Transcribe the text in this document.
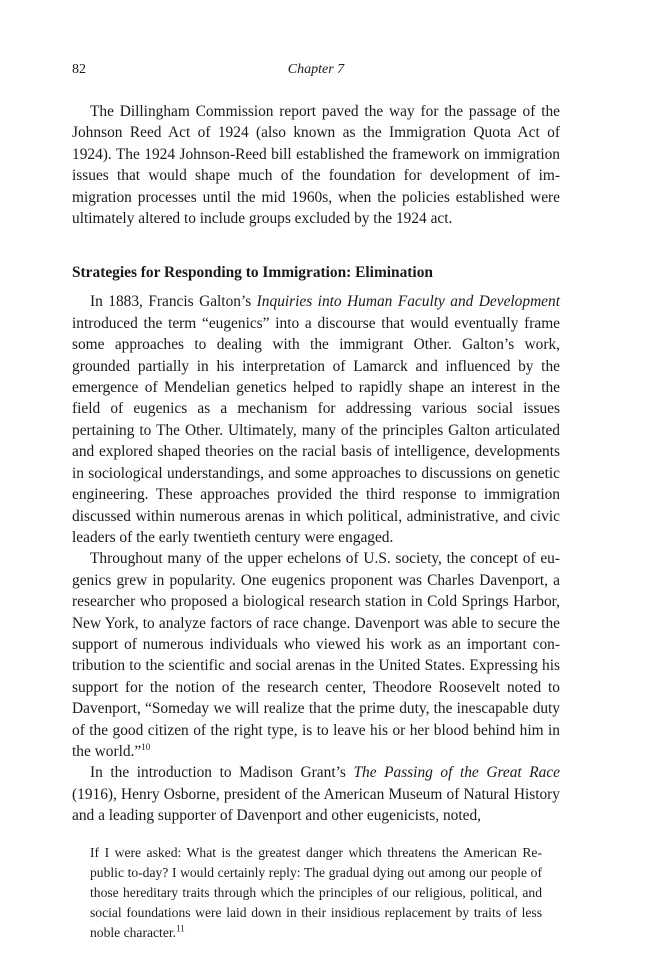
82	Chapter 7

The Dillingham Commission report paved the way for the passage of the Johnson Reed Act of 1924 (also known as the Immigration Quota Act of 1924). The 1924 Johnson-Reed bill established the framework on immigration issues that would shape much of the foundation for development of immigration processes until the mid 1960s, when the policies established were ultimately altered to include groups excluded by the 1924 act.

Strategies for Responding to Immigration: Elimination

In 1883, Francis Galton’s Inquiries into Human Faculty and Development introduced the term “eugenics” into a discourse that would eventually frame some approaches to dealing with the immigrant Other. Galton’s work, grounded partially in his interpretation of Lamarck and influenced by the emergence of Mendelian genetics helped to rapidly shape an interest in the field of eugenics as a mechanism for addressing various social issues pertaining to The Other. Ultimately, many of the principles Galton articulated and explored shaped theories on the racial basis of intelligence, developments in sociological understandings, and some approaches to discussions on genetic engineering. These approaches provided the third response to immigration discussed within numerous arenas in which political, administrative, and civic leaders of the early twentieth century were engaged.

Throughout many of the upper echelons of U.S. society, the concept of eugenics grew in popularity. One eugenics proponent was Charles Davenport, a researcher who proposed a biological research station in Cold Springs Harbor, New York, to analyze factors of race change. Davenport was able to secure the support of numerous individuals who viewed his work as an important contribution to the scientific and social arenas in the United States. Expressing his support for the notion of the research center, Theodore Roosevelt noted to Davenport, “Someday we will realize that the prime duty, the inescapable duty of the good citizen of the right type, is to leave his or her blood behind him in the world.”$^{10}$

In the introduction to Madison Grant’s The Passing of the Great Race (1916), Henry Osborne, president of the American Museum of Natural History and a leading supporter of Davenport and other eugenicists, noted,

If I were asked: What is the greatest danger which threatens the American Republic to-day? I would certainly reply: The gradual dying out among our people of those hereditary traits through which the principles of our religious, political, and social foundations were laid down in their insidious replacement by traits of less noble character.$^{11}$
